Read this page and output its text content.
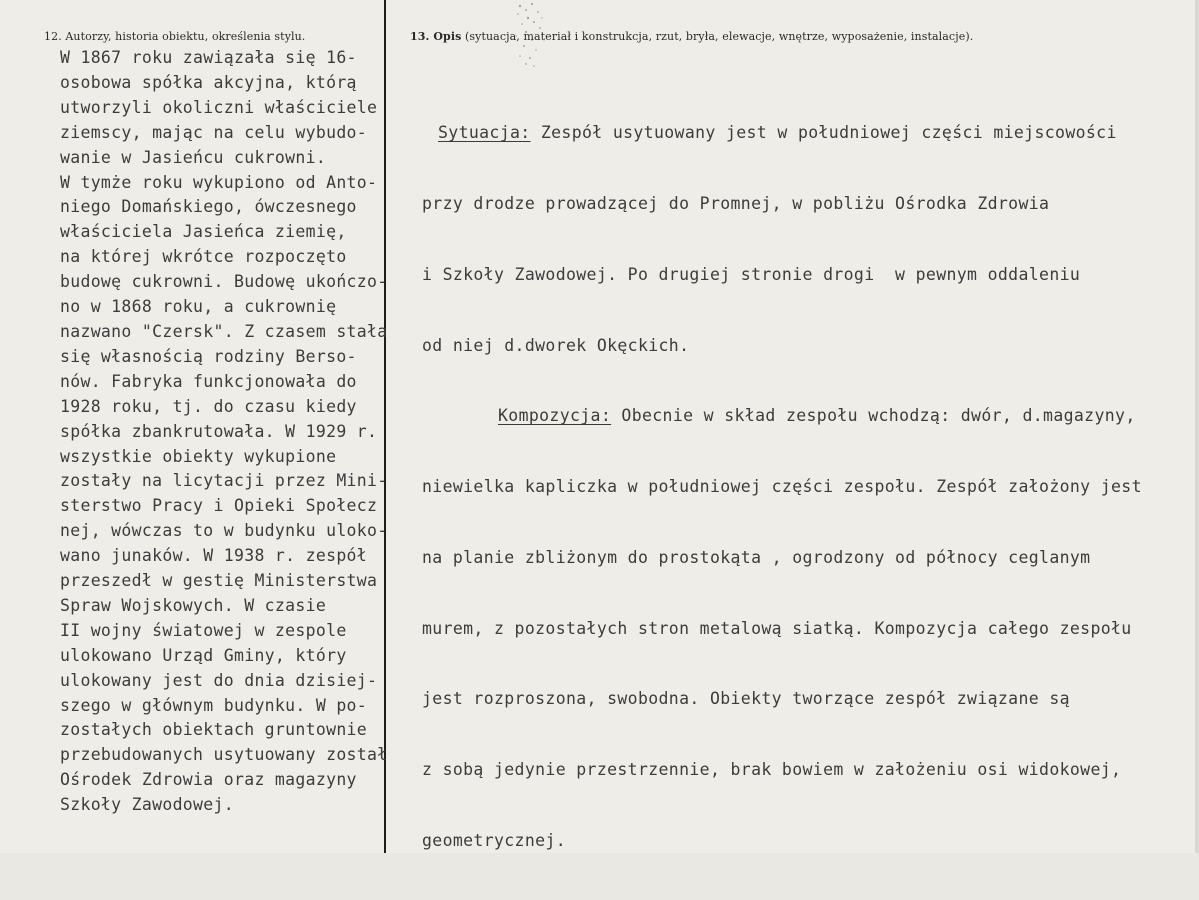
12. Autorzy, historia obiektu, określenia stylu.	13. Opis (sytuacja, materiał i konstrukcja, rzut, bryła, elewacje, wnętrze, wyposażenie, instalacje).
W 1867 roku zawiązała się 16-
osobowa spółka akcyjna, którą
utworzyli okoliczni właściciele
ziemscy, mając na celu wybudo-
wanie w Jasieńcu cukrowni.
W tymże roku wykupiono od Anto-
niego Domańskiego, ówczesnego
właściciela Jasieńca ziemię,
na której wkrótce rozpoczęto
budowę cukrowni. Budowę ukończo-
no w 1868 roku, a cukrownię
nazwano "Czersk". Z czasem stała
się własnością rodziny Berso-
nów. Fabryka funkcjonowała do
1928 roku, tj. do czasu kiedy
spółka zbankrutowała. W 1929 r.
wszystkie obiekty wykupione
zostały na licytacji przez Mini-
sterstwo Pracy i Opieki Społecz
nej, wówczas to w budynku uloko-
wano junaków. W 1938 r. zespół
przeszedł w gestię Ministerstwa
Spraw Wojskowych. W czasie
II wojny światowej w zespole
ulokowano Urząd Gminy, który
ulokowany jest do dnia dzisiej-
szego w głównym budynku. W po-
zostałych obiektach gruntownie
przebudowanych usytuowany został
Ośrodek Zdrowia oraz magazyny
Szkoły Zawodowej.

Sytuacja: Zespół usytuowany jest w południowej części miejscowości

przy drodze prowadzącej do Promnej, w pobliżu Ośrodka Zdrowia

i Szkoły Zawodowej. Po drugiej stronie drogi  w pewnym oddaleniu

od niej d.dworek Okęckich.

Kompozycja: Obecnie w skład zespołu wchodzą: dwór, d.magazyny,

niewielka kapliczka w południowej części zespołu. Zespół założony jest

na planie zbliżonym do prostokąta , ogrodzony od północy ceglanym

murem, z pozostałych stron metalową siatką. Kompozycja całego zespołu

jest rozproszona, swobodna. Obiekty tworzące zespół związane są

z sobą jedynie przestrzennie, brak bowiem w założeniu osi widokowej,

geometrycznej.
